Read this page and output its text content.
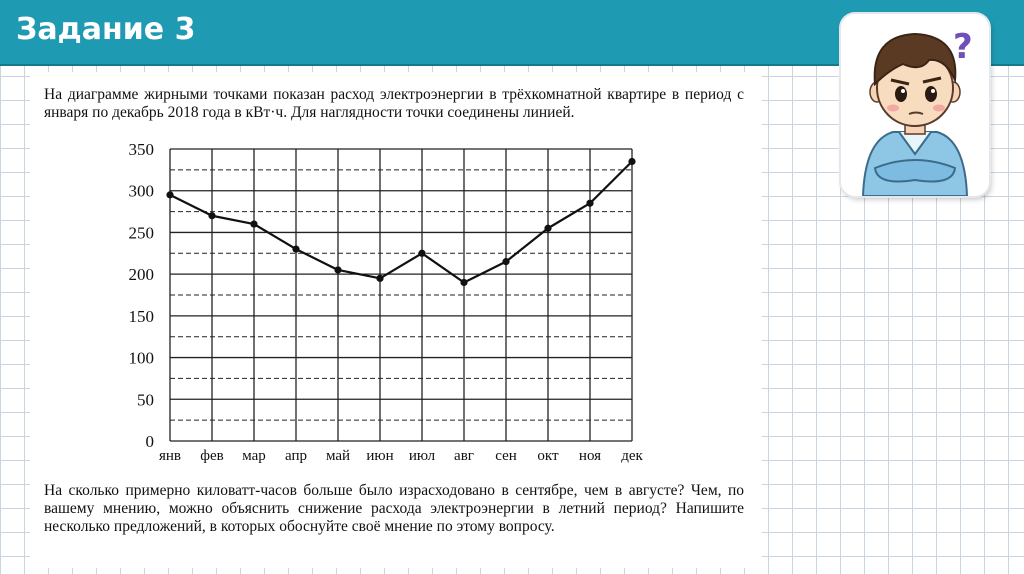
Задание 3
На диаграмме жирными точками показан расход электроэнергии в трёхкомнатной квартире в период с января по декабрь 2018 года в кВт·ч. Для наглядности точки соединены линией.
0
50
100
150
200
250
300
350
янв фев мар апр май июн июл авг сен окт ноя дек
На сколько примерно киловатт-часов больше было израсходовано в сентябре, чем в августе? Чем, по вашему мнению, можно объяснить снижение расхода электроэнергии в летний период? Напишите несколько предложений, в которых обоснуйте своё мнение по этому вопросу.
?
